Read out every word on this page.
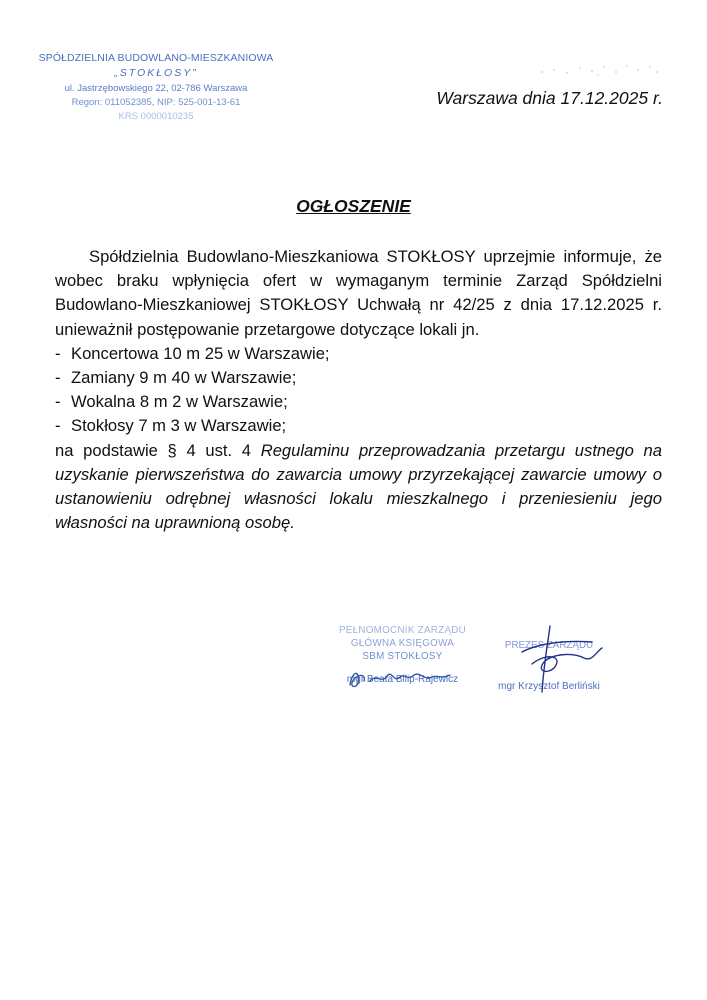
SPÓŁDZIELNIA BUDOWLANO-MIESZKANIOWA
„STOKŁOSY”
ul. Jastrzębowskiego 22, 02-786 Warszawa
Regon: 011052385, NIP: 525-001-13-61
KRS 0000010235
Warszawa dnia 17.12.2025 r.
OGŁOSZENIE

Spółdzielnia Budowlano-Mieszkaniowa STOKŁOSY uprzejmie informuje, że wobec braku wpłynięcia ofert w wymaganym terminie Zarząd Spółdzielni Budowlano-Mieszkaniowej STOKŁOSY Uchwałą nr 42/25 z dnia 17.12.2025 r. unieważnił postępowanie przetargowe dotyczące lokali jn.

- Koncertowa 10 m 25 w Warszawie;
- Zamiany 9 m 40 w Warszawie;
- Wokalna 8 m 2 w Warszawie;
- Stokłosy 7 m 3 w Warszawie;

na podstawie § 4 ust. 4 Regulaminu przeprowadzania przetargu ustnego na uzyskanie pierwszeństwa do zawarcia umowy przyrzekającej zawarcie umowy o ustanowieniu odrębnej własności lokalu mieszkalnego i przeniesieniu jego własności na uprawnioną osobę.

PEŁNOMOCNIK ZARZĄDU
GŁÓWNA KSIĘGOWA
SBM STOKŁOSY
mgr Beata Bilip-Rajewicz
PREZES ZARZĄDU
mgr Krzysztof Berliński
